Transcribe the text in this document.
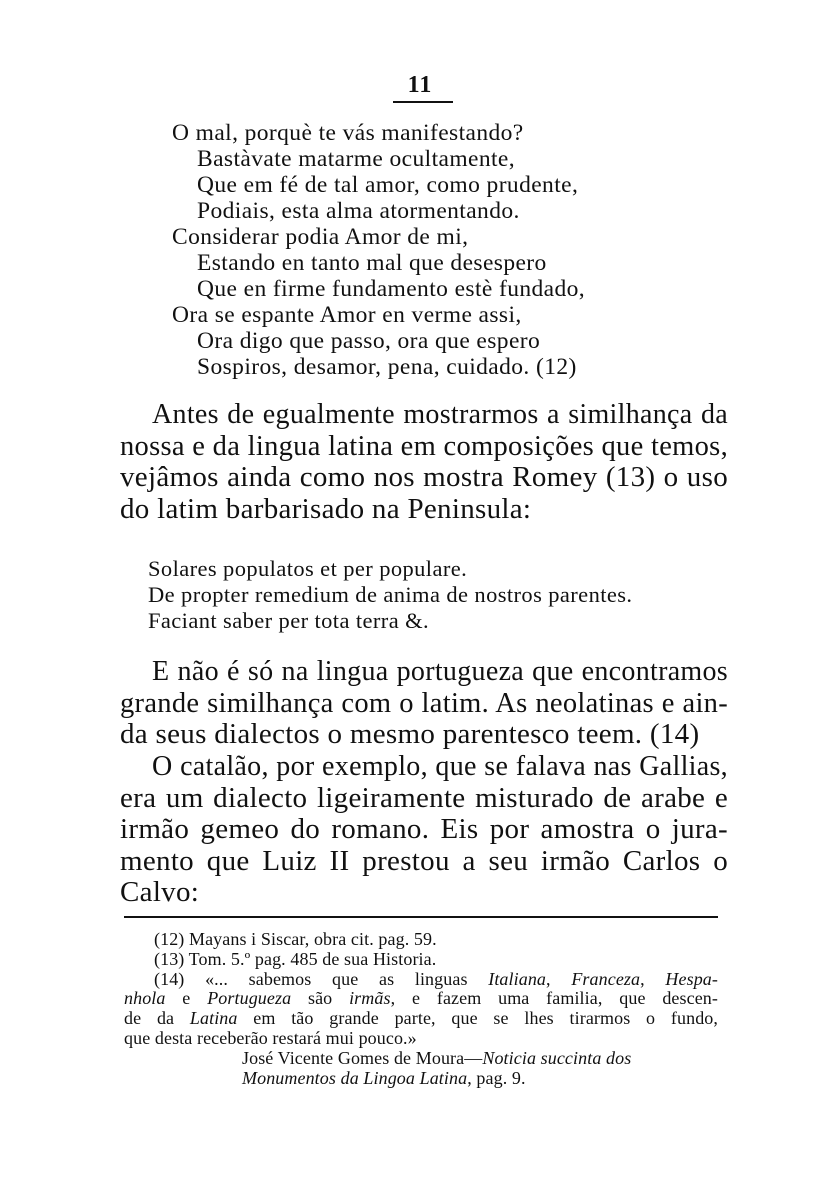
11
O mal, porquè te vás manifestando?
Bastàvate matarme ocultamente,
Que em fé de tal amor, como prudente,
Podiais, esta alma atormentando.
Considerar podia Amor de mi,
Estando en tanto mal que desespero
Que en firme fundamento estè fundado,
Ora se espante Amor en verme assi,
Ora digo que passo, ora que espero
Sospiros, desamor, pena, cuidado. (12)
Antes de egualmente mostrarmos a similhança da
nossa e da lingua latina em composições que temos,
vejâmos ainda como nos mostra Romey (13) o uso
do latim barbarisado na Peninsula:
Solares populatos et per populare.
De propter remedium de anima de nostros parentes.
Faciant saber per tota terra &.
E não é só na lingua portugueza que encontramos
grande similhança com o latim. As neolatinas e ain-
da seus dialectos o mesmo parentesco teem. (14)
O catalão, por exemplo, que se falava nas Gallias,
era um dialecto ligeiramente misturado de arabe e
irmão gemeo do romano. Eis por amostra o jura-
mento que Luiz II prestou a seu irmão Carlos o
Calvo:
(12) Mayans i Siscar, obra cit. pag. 59.
(13) Tom. 5.º pag. 485 de sua Historia.
(14) «... sabemos que as linguas Italiana, Franceza, Hespa-
nhola e Portugueza são irmãs, e fazem uma familia, que descen-
de da Latina em tão grande parte, que se lhes tirarmos o fundo,
que desta receberão restará mui pouco.»
José Vicente Gomes de Moura—Noticia succinta dos
Monumentos da Lingoa Latina, pag. 9.
